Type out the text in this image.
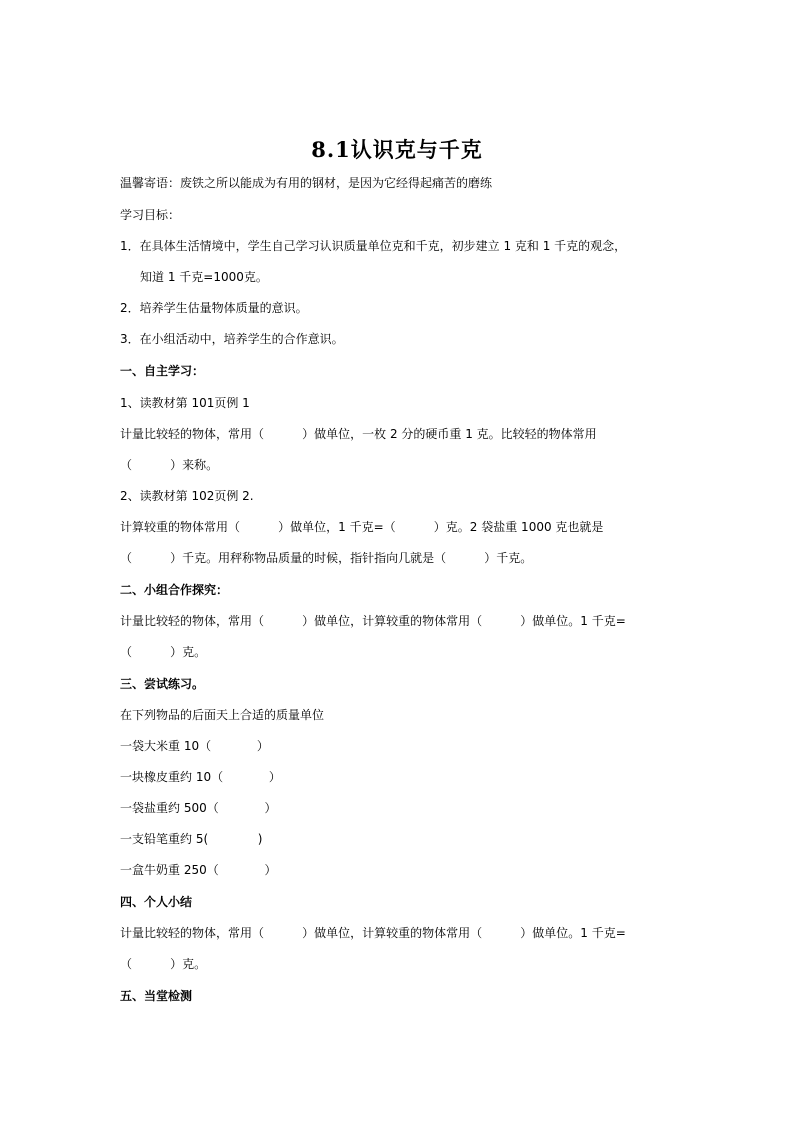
8.1认识克与千克
温馨寄语：废铁之所以能成为有用的钢材，是因为它经得起痛苦的磨练
学习目标：
1．在具体生活情境中，学生自己学习认识质量单位克和千克，初步建立 1 克和 1 千克的观念，
知道 1 千克=1000克。
2．培养学生估量物体质量的意识。
3．在小组活动中，培养学生的合作意识。
一、自主学习：
1、读教材第 101页例 1
计量比较轻的物体，常用（          ）做单位，一枚 2 分的硬币重 1 克。比较轻的物体常用
（          ）来称。
2、读教材第 102页例 2.
计算较重的物体常用（          ）做单位，1 千克=（          ）克。2 袋盐重 1000 克也就是
（          ）千克。用秤称物品质量的时候，指针指向几就是（          ）千克。
二、小组合作探究：
计量比较轻的物体，常用（          ）做单位，计算较重的物体常用（          ）做单位。1 千克=
（          ）克。
三、尝试练习。
在下列物品的后面天上合适的质量单位
一袋大米重 10（            ）
一块橡皮重约 10（            ）
一袋盐重约 500（            ）
一支铅笔重约 5(             )
一盒牛奶重 250（            ）
四、个人小结
计量比较轻的物体，常用（          ）做单位，计算较重的物体常用（          ）做单位。1 千克=
（          ）克。
五、当堂检测
